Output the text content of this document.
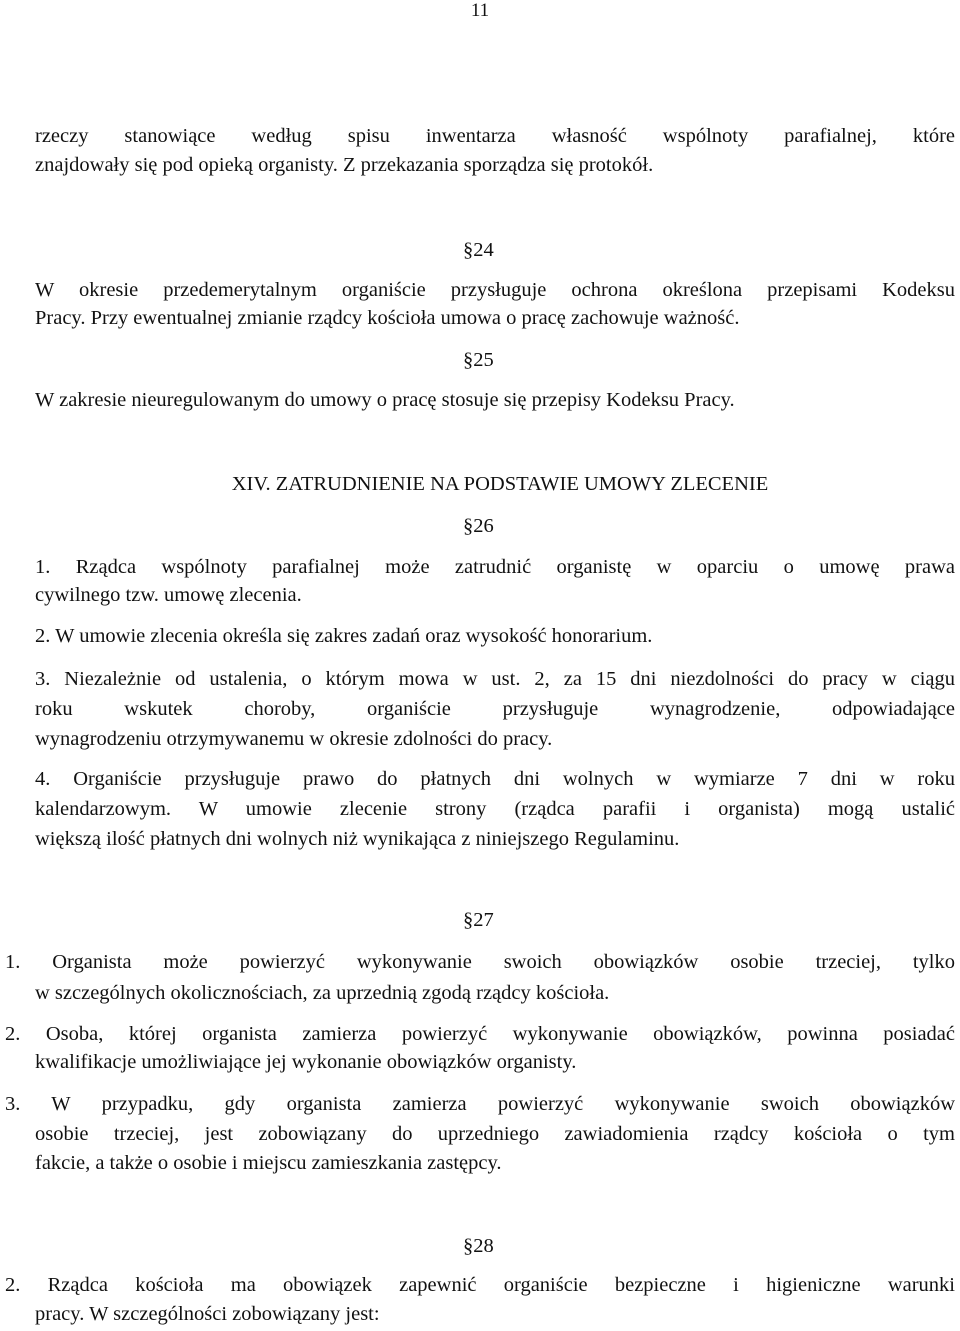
11
rzeczy stanowiące według spisu inwentarza własność wspólnoty parafialnej, które
znajdowały się pod opieką organisty. Z przekazania sporządza się protokół.
§24
W okresie przedemerytalnym organiście przysługuje ochrona określona przepisami Kodeksu
Pracy. Przy ewentualnej zmianie rządcy kościoła umowa o pracę zachowuje ważność.
§25
W zakresie nieuregulowanym do umowy o pracę stosuje się przepisy Kodeksu Pracy.
XIV. ZATRUDNIENIE NA PODSTAWIE UMOWY ZLECENIE
§26
1. Rządca wspólnoty parafialnej może zatrudnić organistę w oparciu o umowę prawa
cywilnego tzw. umowę zlecenia.
2. W umowie zlecenia określa się zakres zadań oraz wysokość honorarium.
3. Niezależnie od ustalenia, o którym mowa w ust. 2, za 15 dni niezdolności do pracy w ciągu
roku wskutek choroby, organiście przysługuje wynagrodzenie, odpowiadające
wynagrodzeniu otrzymywanemu w okresie zdolności do pracy.
4. Organiście przysługuje prawo do płatnych dni wolnych w wymiarze 7 dni w roku
kalendarzowym. W umowie zlecenie strony (rządca parafii i organista) mogą ustalić
większą ilość płatnych dni wolnych niż wynikająca z niniejszego Regulaminu.
§27
1. Organista może powierzyć wykonywanie swoich obowiązków osobie trzeciej, tylko
w szczególnych okolicznościach, za uprzednią zgodą rządcy kościoła.
2. Osoba, której organista zamierza powierzyć wykonywanie obowiązków, powinna posiadać
kwalifikacje umożliwiające jej wykonanie obowiązków organisty.
3. W przypadku, gdy organista zamierza powierzyć wykonywanie swoich obowiązków
osobie trzeciej, jest zobowiązany do uprzedniego zawiadomienia rządcy kościoła o tym
fakcie, a także o osobie i miejscu zamieszkania zastępcy.
§28
2. Rządca kościoła ma obowiązek zapewnić organiście bezpieczne i higieniczne warunki
pracy. W szczególności zobowiązany jest:
